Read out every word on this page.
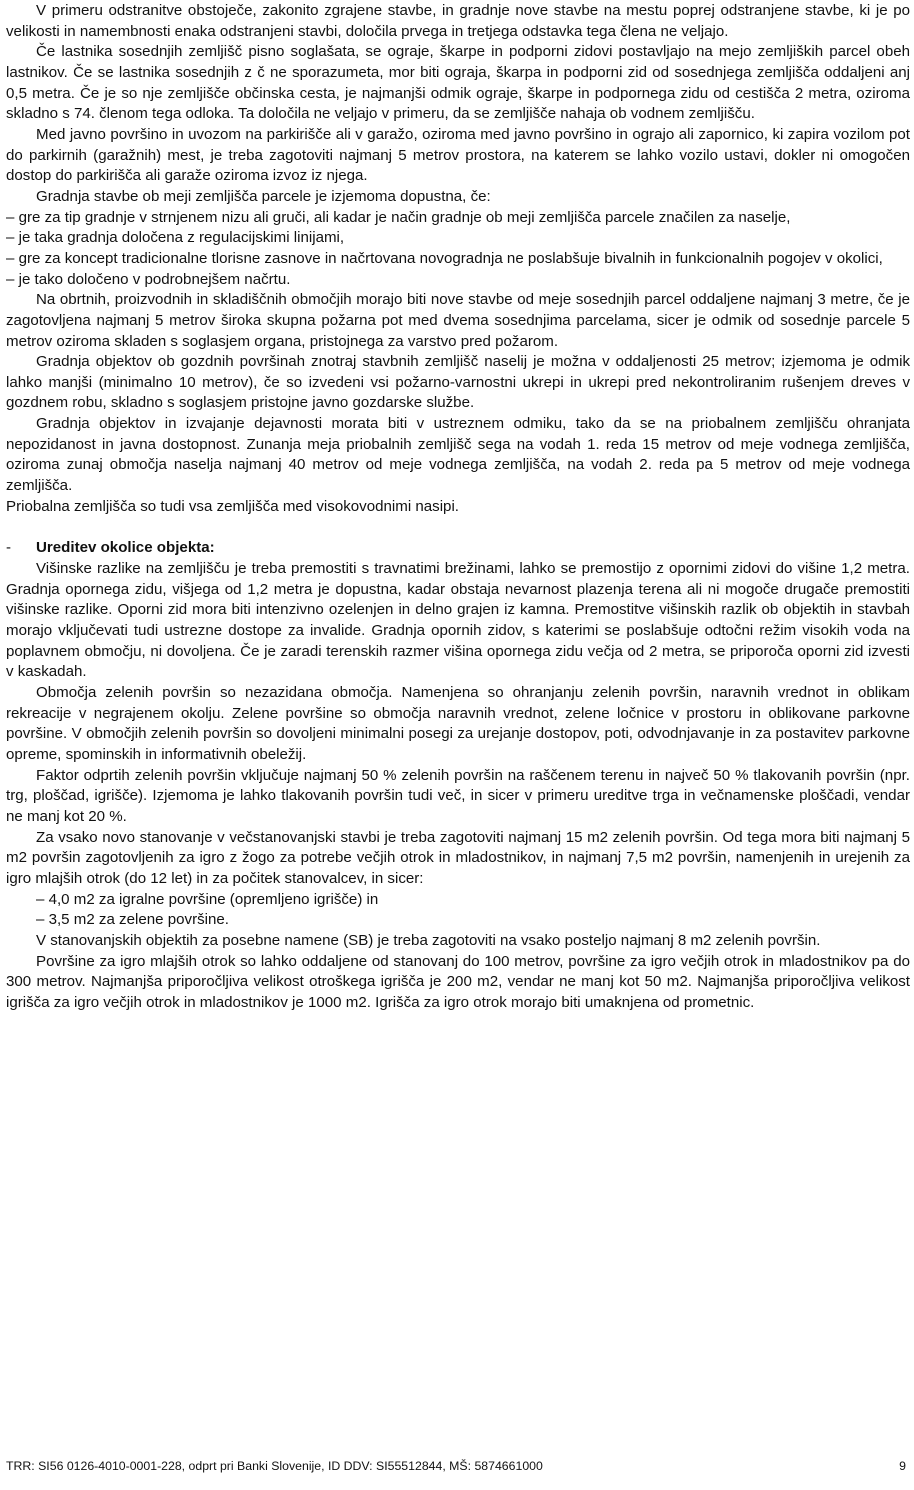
V primeru odstranitve obstoječe, zakonito zgrajene stavbe, in gradnje nove stavbe na mestu poprej odstranjene stavbe, ki je po velikosti in namembnosti enaka odstranjeni stavbi, določila prvega in tretjega odstavka tega člena ne veljajo.

Če lastnika sosednjih zemljišč pisno soglašata, se ograje, škarpe in podporni zidovi postavljajo na mejo zemljiških parcel obeh lastnikov. Če se lastnika sosednjih z č ne sporazumeta, mor biti ograja, škarpa in podporni zid od sosednjega zemljišča oddaljeni anj 0,5 metra. Če je so nje zemljišče občinska cesta, je najmanjši odmik ograje, škarpe in podpornega zidu od cestišča 2 metra, oziroma skladno s 74. členom tega odloka. Ta določila ne veljajo v primeru, da se zemljišče nahaja ob vodnem zemljišču.

Med javno površino in uvozom na parkirišče ali v garažo, oziroma med javno površino in ograjo ali zapornico, ki zapira vozilom pot do parkirnih (garažnih) mest, je treba zagotoviti najmanj 5 metrov prostora, na katerem se lahko vozilo ustavi, dokler ni omogočen dostop do parkirišča ali garaže oziroma izvoz iz njega.

Gradnja stavbe ob meji zemljišča parcele je izjemoma dopustna, če:

– gre za tip gradnje v strnjenem nizu ali gruči, ali kadar je način gradnje ob meji zemljišča parcele značilen za naselje,

– je taka gradnja določena z regulacijskimi linijami,

– gre za koncept tradicionalne tlorisne zasnove in načrtovana novogradnja ne poslabšuje bivalnih in funkcionalnih pogojev v okolici,

– je tako določeno v podrobnejšem načrtu.

Na obrtnih, proizvodnih in skladiščnih območjih morajo biti nove stavbe od meje sosednjih parcel oddaljene najmanj 3 metre, če je zagotovljena najmanj 5 metrov široka skupna požarna pot med dvema sosednjima parcelama, sicer je odmik od sosednje parcele 5 metrov oziroma skladen s soglasjem organa, pristojnega za varstvo pred požarom.

Gradnja objektov ob gozdnih površinah znotraj stavbnih zemljišč naselij je možna v oddaljenosti 25 metrov; izjemoma je odmik lahko manjši (minimalno 10 metrov), če so izvedeni vsi požarno-varnostni ukrepi in ukrepi pred nekontroliranim rušenjem dreves v gozdnem robu, skladno s soglasjem pristojne javno gozdarske službe.

Gradnja objektov in izvajanje dejavnosti morata biti v ustreznem odmiku, tako da se na priobalnem zemljišču ohranjata nepozidanost in javna dostopnost. Zunanja meja priobalnih zemljišč sega na vodah 1. reda 15 metrov od meje vodnega zemljišča, oziroma zunaj območja naselja najmanj 40 metrov od meje vodnega zemljišča, na vodah 2. reda pa 5 metrov od meje vodnega zemljišča.

Priobalna zemljišča so tudi vsa zemljišča med visokovodnimi nasipi.

- Ureditev okolice objekta:

Višinske razlike na zemljišču je treba premostiti s travnatimi brežinami, lahko se premostijo z opornimi zidovi do višine 1,2 metra. Gradnja opornega zidu, višjega od 1,2 metra je dopustna, kadar obstaja nevarnost plazenja terena ali ni mogoče drugače premostiti višinske razlike. Oporni zid mora biti intenzivno ozelenjen in delno grajen iz kamna. Premostitve višinskih razlik ob objektih in stavbah morajo vključevati tudi ustrezne dostope za invalide. Gradnja opornih zidov, s katerimi se poslabšuje odtočni režim visokih voda na poplavnem območju, ni dovoljena. Če je zaradi terenskih razmer višina opornega zidu večja od 2 metra, se priporoča oporni zid izvesti v kaskadah.

Območja zelenih površin so nezazidana območja. Namenjena so ohranjanju zelenih površin, naravnih vrednot in oblikam rekreacije v negrajenem okolju. Zelene površine so območja naravnih vrednot, zelene ločnice v prostoru in oblikovane parkovne površine. V območjih zelenih površin so dovoljeni minimalni posegi za urejanje dostopov, poti, odvodnjavanje in za postavitev parkovne opreme, spominskih in informativnih obeležij.

Faktor odprtih zelenih površin vključuje najmanj 50 % zelenih površin na raščenem terenu in največ 50 % tlakovanih površin (npr. trg, ploščad, igrišče). Izjemoma je lahko tlakovanih površin tudi več, in sicer v primeru ureditve trga in večnamenske ploščadi, vendar ne manj kot 20 %.

Za vsako novo stanovanje v večstanovanjski stavbi je treba zagotoviti najmanj 15 m2 zelenih površin. Od tega mora biti najmanj 5 m2 površin zagotovljenih za igro z žogo za potrebe večjih otrok in mladostnikov, in najmanj 7,5 m2 površin, namenjenih in urejenih za igro mlajših otrok (do 12 let) in za počitek stanovalcev, in sicer:

– 4,0 m2 za igralne površine (opremljeno igrišče) in

– 3,5 m2 za zelene površine.

V stanovanjskih objektih za posebne namene (SB) je treba zagotoviti na vsako posteljo najmanj 8 m2 zelenih površin.

Površine za igro mlajših otrok so lahko oddaljene od stanovanj do 100 metrov, površine za igro večjih otrok in mladostnikov pa do 300 metrov. Najmanjša priporočljiva velikost otroškega igrišča je 200 m2, vendar ne manj kot 50 m2. Najmanjša priporočljiva velikost igrišča za igro večjih otrok in mladostnikov je 1000 m2. Igrišča za igro otrok morajo biti umaknjena od prometnic.

TRR: SI56 0126-4010-0001-228, odprt pri Banki Slovenije, ID DDV: SI55512844, MŠ: 5874661000	9
